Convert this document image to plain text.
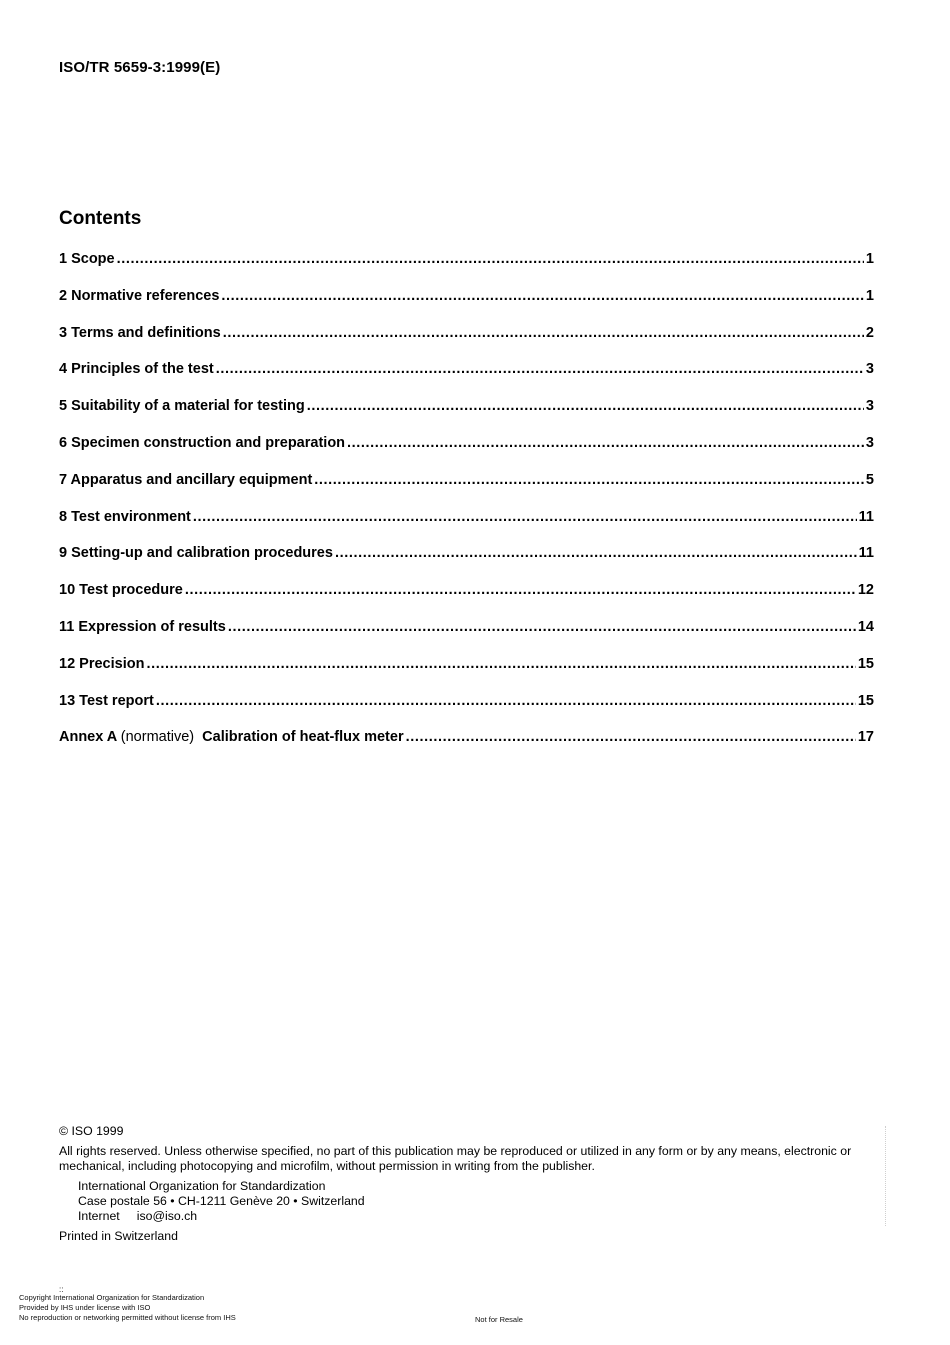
ISO/TR 5659-3:1999(E)
Contents
1 Scope .....	1
2 Normative references .....	1
3 Terms and definitions .....	2
4 Principles of the test .....	3
5 Suitability of a material for testing .....	3
6 Specimen construction and preparation .....	3
7 Apparatus and ancillary equipment .....	5
8 Test environment .....	11
9 Setting-up and calibration procedures .....	11
10 Test procedure .....	12
11 Expression of results .....	14
12 Precision .....	15
13 Test report .....	15
Annex A (normative) Calibration of heat-flux meter .....	17
© ISO 1999
All rights reserved. Unless otherwise specified, no part of this publication may be reproduced or utilized in any form or by any means, electronic or mechanical, including photocopying and microfilm, without permission in writing from the publisher.
International Organization for Standardization
Case postale 56 • CH-1211 Genève 20 • Switzerland
Internet iso@iso.ch
Printed in Switzerland
::
Copyright International Organization for Standardization
Provided by IHS under license with ISO
No reproduction or networking permitted without license from IHS	Not for Resale
